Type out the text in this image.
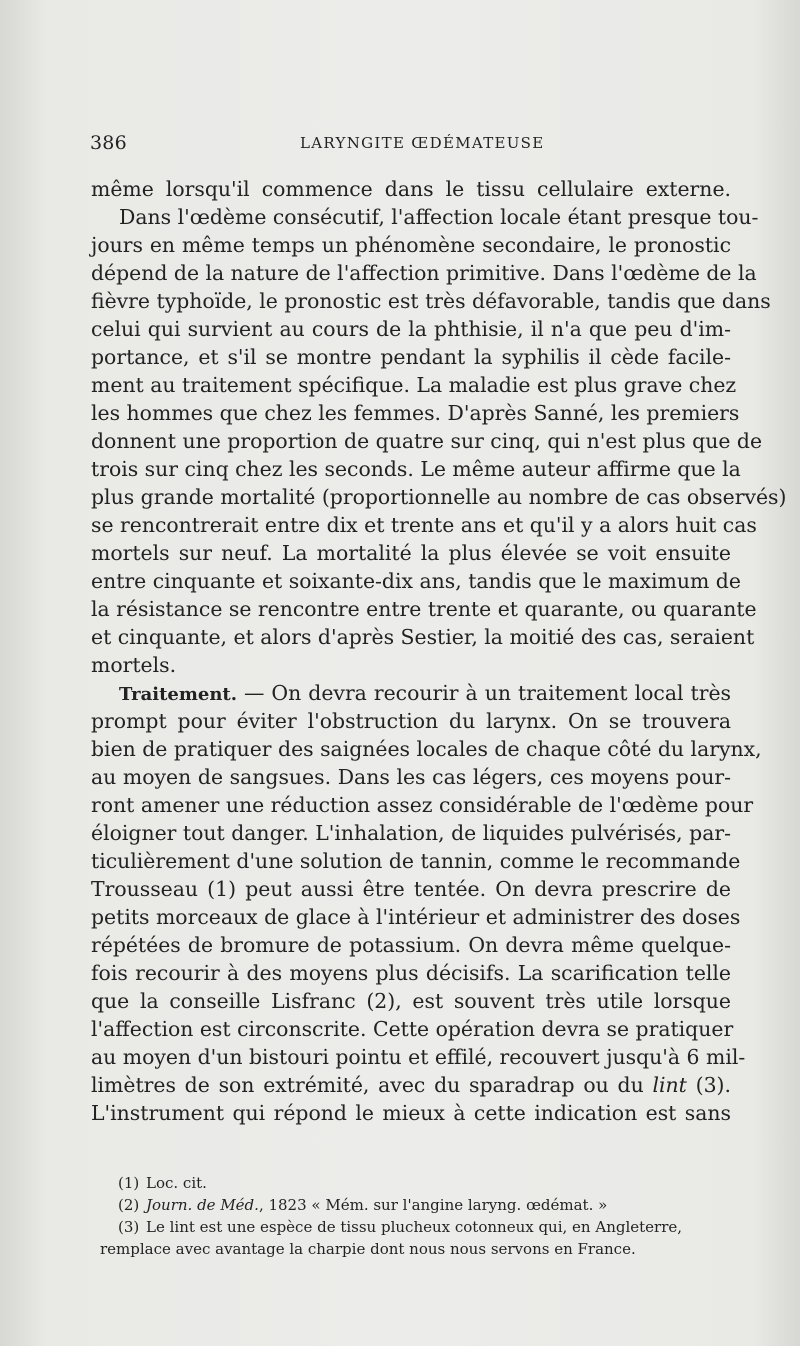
386	LARYNGITE ŒDÉMATEUSE
même lorsqu'il commence dans le tissu cellulaire externe.
Dans l'œdème consécutif, l'affection locale étant presque tou-
jours en même temps un phénomène secondaire, le pronostic
dépend de la nature de l'affection primitive. Dans l'œdème de la
fièvre typhoïde, le pronostic est très défavorable, tandis que dans
celui qui survient au cours de la phthisie, il n'a que peu d'im-
portance, et s'il se montre pendant la syphilis il cède facile-
ment au traitement spécifique. La maladie est plus grave chez
les hommes que chez les femmes. D'après Sanné, les premiers
donnent une proportion de quatre sur cinq, qui n'est plus que de
trois sur cinq chez les seconds. Le même auteur affirme que la
plus grande mortalité (proportionnelle au nombre de cas observés)
se rencontrerait entre dix et trente ans et qu'il y a alors huit cas
mortels sur neuf. La mortalité la plus élevée se voit ensuite
entre cinquante et soixante-dix ans, tandis que le maximum de
la résistance se rencontre entre trente et quarante, ou quarante
et cinquante, et alors d'après Sestier, la moitié des cas, seraient
mortels.
Traitement. — On devra recourir à un traitement local très
prompt pour éviter l'obstruction du larynx. On se trouvera
bien de pratiquer des saignées locales de chaque côté du larynx,
au moyen de sangsues. Dans les cas légers, ces moyens pour-
ront amener une réduction assez considérable de l'œdème pour
éloigner tout danger. L'inhalation, de liquides pulvérisés, par-
ticulièrement d'une solution de tannin, comme le recommande
Trousseau (1) peut aussi être tentée. On devra prescrire de
petits morceaux de glace à l'intérieur et administrer des doses
répétées de bromure de potassium. On devra même quelque-
fois recourir à des moyens plus décisifs. La scarification telle
que la conseille Lisfranc (2), est souvent très utile lorsque
l'affection est circonscrite. Cette opération devra se pratiquer
au moyen d'un bistouri pointu et effilé, recouvert jusqu'à 6 mil-
limètres de son extrémité, avec du sparadrap ou du lint (3).
L'instrument qui répond le mieux à cette indication est sans
(1) Loc. cit.
(2) Journ. de Méd., 1823 « Mém. sur l'angine laryng. œdémat. »
(3) Le lint est une espèce de tissu plucheux cotonneux qui, en Angleterre,
remplace avec avantage la charpie dont nous nous servons en France.
